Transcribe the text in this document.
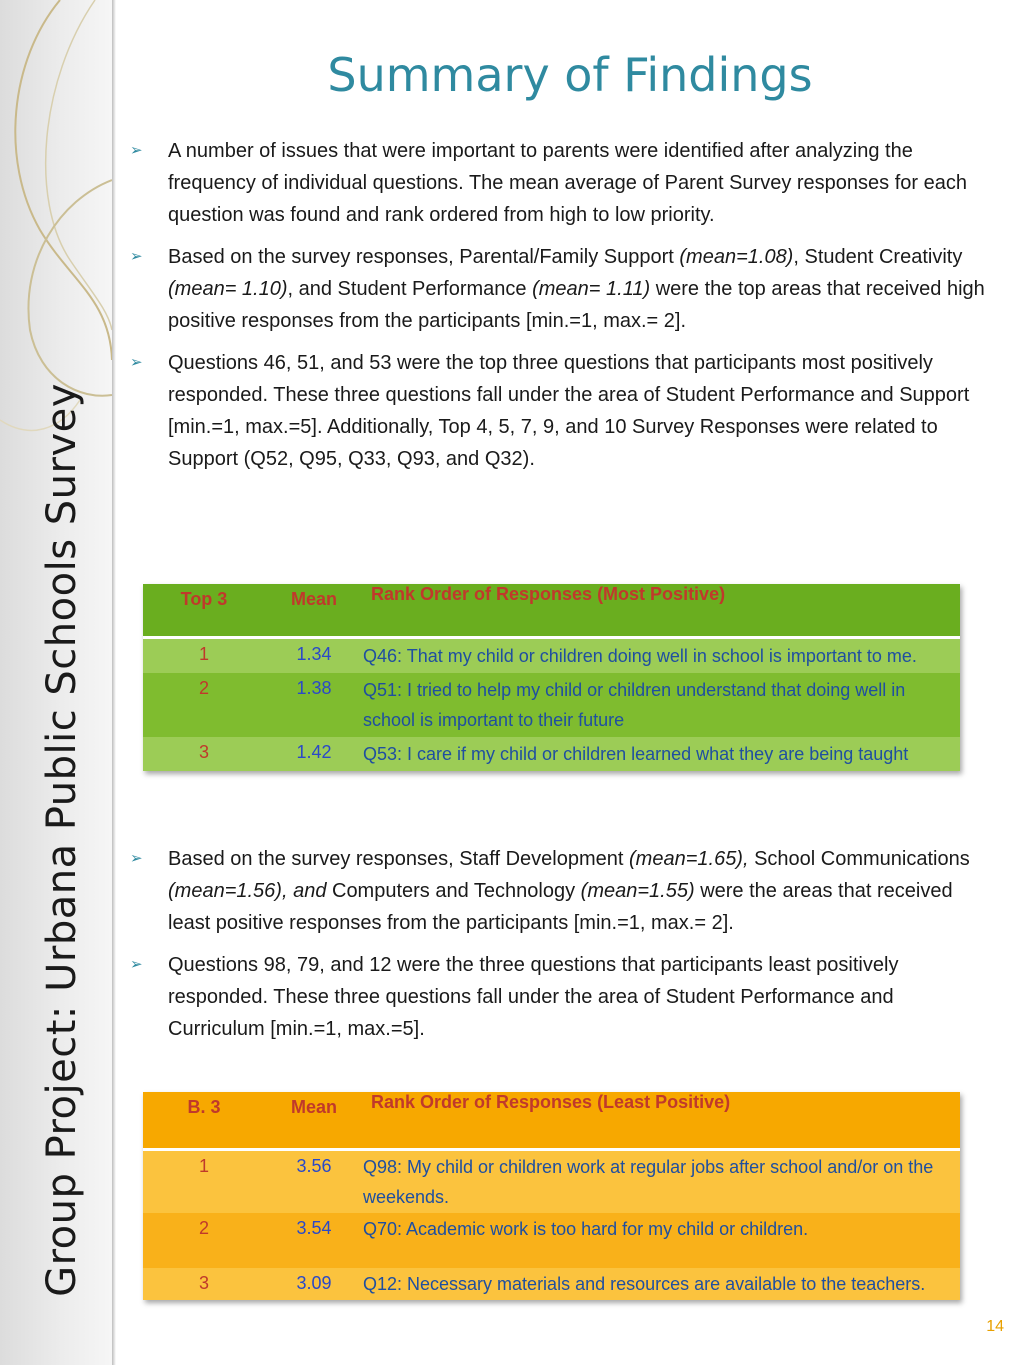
Group Project: Urbana Public Schools Survey
Summary of Findings
➢ A number of issues that were important to parents were identified after analyzing the frequency of individual questions. The mean average of Parent Survey responses for each question was found and rank ordered from high to low priority.
➢ Based on the survey responses, Parental/Family Support (mean=1.08), Student Creativity (mean= 1.10), and Student Performance (mean= 1.11) were the top areas that received high positive responses from the participants [min.=1, max.= 2].
➢ Questions 46, 51, and 53 were the top three questions that participants most positively responded. These three questions fall under the area of Student Performance and Support [min.=1, max.=5]. Additionally, Top 4, 5, 7, 9, and 10 Survey Responses were related to Support (Q52, Q95, Q33, Q93, and Q32).
Top 3	Mean	Rank Order of Responses (Most Positive)

1	1.34	Q46: That my child or children doing well in school is important to me.
2	1.38	Q51: I tried to help my child or children understand that doing well in school is important to their future
3	1.42	Q53: I care if my child or children learned what they are being taught
➢ Based on the survey responses, Staff Development (mean=1.65), School Communications (mean=1.56), and Computers and Technology (mean=1.55) were the areas that received least positive responses from the participants [min.=1, max.= 2].
➢ Questions 98, 79, and 12 were the three questions that participants least positively responded. These three questions fall under the area of Student Performance and Curriculum [min.=1, max.=5].
B. 3	Mean	Rank Order of Responses (Least Positive)

1	3.56	Q98: My child or children work at regular jobs after school and/or on the weekends.
2	3.54	Q70: Academic work is too hard for my child or children.
3	3.09	Q12: Necessary materials and resources are available to the teachers.
14
